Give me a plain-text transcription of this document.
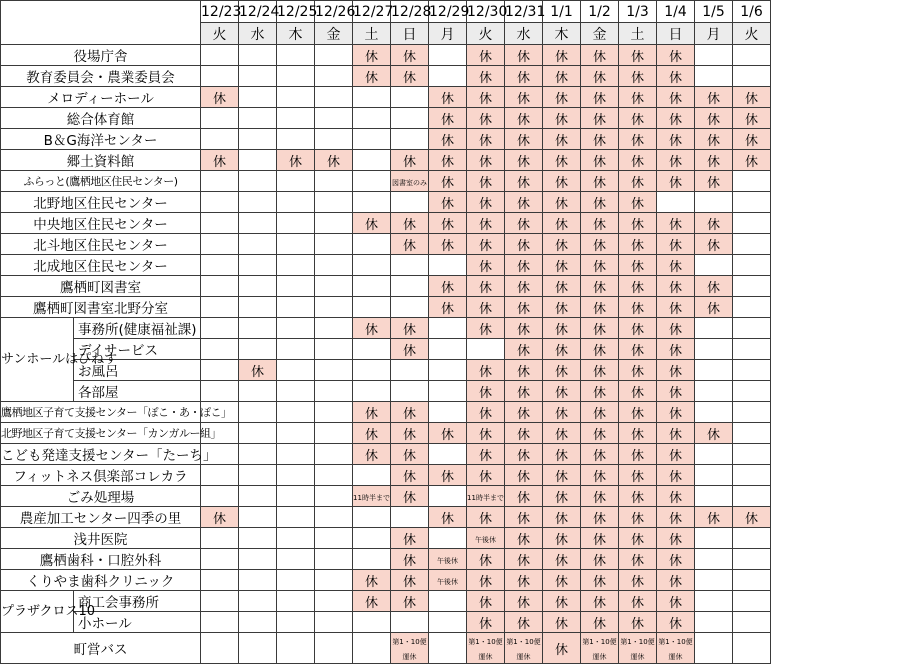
		12/23	12/24	12/25	12/26	12/27	12/28	12/29	12/30	12/31	1/1	1/2	1/3	1/4	1/5	1/6
		火	水	木	金	土	日	月	火	水	木	金	土	日	月	火
役場庁舎						休	休		休	休	休	休	休	休		
教育委員会・農業委員会						休	休		休	休	休	休	休	休		
メロディーホール		休						休	休	休	休	休	休	休	休	休
総合体育館								休	休	休	休	休	休	休	休	休
B＆G海洋センター								休	休	休	休	休	休	休	休	休
郷土資料館		休		休	休		休	休	休	休	休	休	休	休	休	休
ふらっと(鷹栖地区住民センター)							図書室のみ	休	休	休	休	休	休	休	休	
北野地区住民センター								休	休	休	休	休	休			
中央地区住民センター						休	休	休	休	休	休	休	休	休	休	
北斗地区住民センター							休	休	休	休	休	休	休	休	休	
北成地区住民センター									休	休	休	休	休	休		
鷹栖町図書室								休	休	休	休	休	休	休	休	
鷹栖町図書室北野分室								休	休	休	休	休	休	休	休	
サンホールはぴねす	事務所(健康福祉課)					休	休		休	休	休	休	休	休		
	デイサービス						休			休	休	休	休	休		
	お風呂		休						休	休	休	休	休	休		
	各部屋								休	休	休	休	休	休		
鷹栖地区子育て支援センター「ぽこ・あ・ぽこ」						休	休		休	休	休	休	休	休		
北野地区子育て支援センター「カンガルー組」						休	休	休	休	休	休	休	休	休	休	
こども発達支援センター「たーち」						休	休		休	休	休	休	休	休		
フィットネス倶楽部コレカラ							休	休	休	休	休	休	休	休		
ごみ処理場						11時半まで	休		11時半まで	休	休	休	休	休		
農産加工センター四季の里		休						休	休	休	休	休	休	休	休	休
浅井医院							休		午後休	休	休	休	休	休		
鷹栖歯科・口腔外科							休	午後休	休	休	休	休	休	休		
くりやま歯科クリニック						休	休	午後休	休	休	休	休	休	休		
プラザクロス10	商工会事務所					休	休		休	休	休	休	休	休		
	小ホール								休	休	休	休	休	休		
町営バス							第1・10便運休		第1・10便運休	第1・10便運休	休	第1・10便運休	第1・10便運休	第1・10便運休		
